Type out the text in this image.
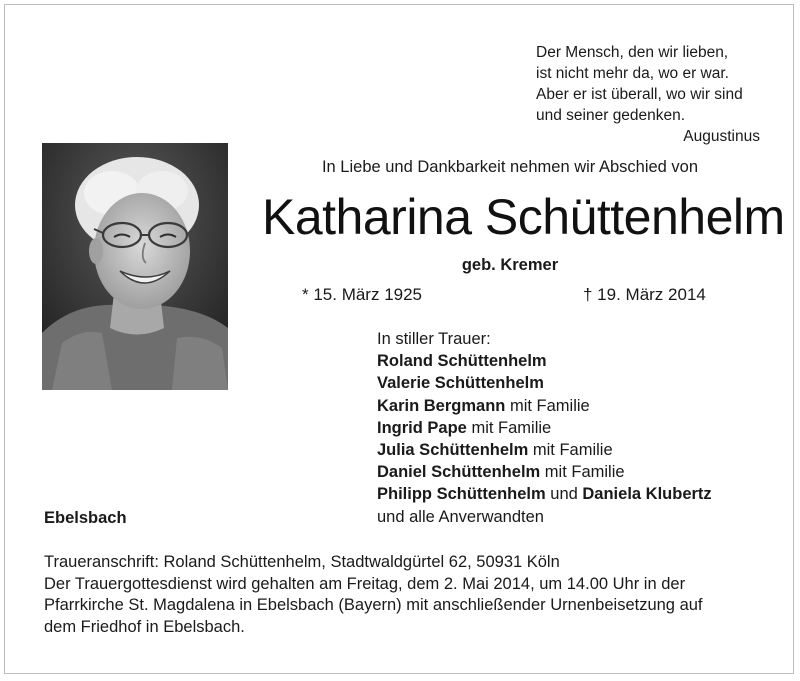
Der Mensch, den wir lieben,
ist nicht mehr da, wo er war.
Aber er ist überall, wo wir sind
und seiner gedenken.
Augustinus
In Liebe und Dankbarkeit nehmen wir Abschied von
Katharina Schüttenhelm
geb. Kremer
* 15. März 1925	† 19. März 2014
In stiller Trauer:
Roland Schüttenhelm
Valerie Schüttenhelm
Karin Bergmann mit Familie
Ingrid Pape mit Familie
Julia Schüttenhelm mit Familie
Daniel Schüttenhelm mit Familie
Philipp Schüttenhelm und Daniela Klubertz
und alle Anverwandten
Ebelsbach
Traueranschrift: Roland Schüttenhelm, Stadtwaldgürtel 62, 50931 Köln
Der Trauergottesdienst wird gehalten am Freitag, dem 2. Mai 2014, um 14.00 Uhr in der
Pfarrkirche St. Magdalena in Ebelsbach (Bayern) mit anschließender Urnenbeisetzung auf
dem Friedhof in Ebelsbach.
